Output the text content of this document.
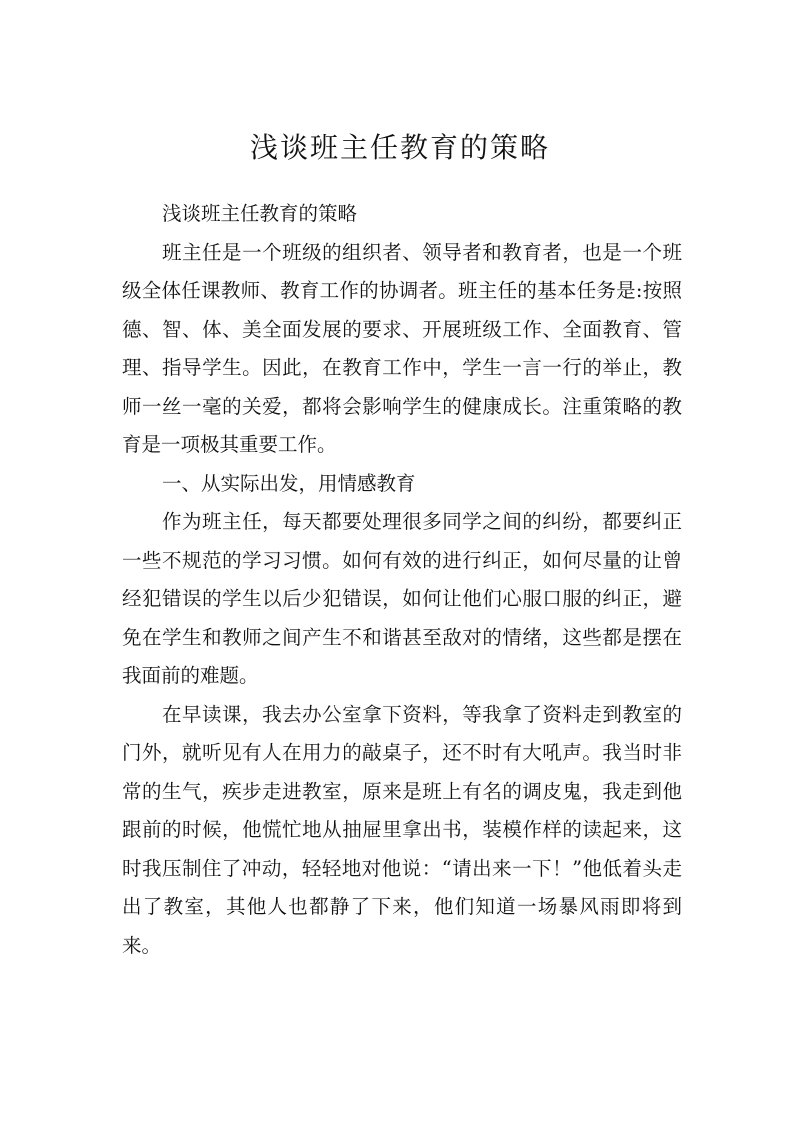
浅谈班主任教育的策略

浅谈班主任教育的策略

班主任是一个班级的组织者、领导者和教育者，也是一个班级全体任课教师、教育工作的协调者。班主任的基本任务是:按照德、智、体、美全面发展的要求、开展班级工作、全面教育、管理、指导学生。因此，在教育工作中，学生一言一行的举止，教师一丝一毫的关爱，都将会影响学生的健康成长。注重策略的教育是一项极其重要工作。

一、从实际出发，用情感教育

作为班主任，每天都要处理很多同学之间的纠纷，都要纠正一些不规范的学习习惯。如何有效的进行纠正，如何尽量的让曾经犯错误的学生以后少犯错误，如何让他们心服口服的纠正，避免在学生和教师之间产生不和谐甚至敌对的情绪，这些都是摆在我面前的难题。

在早读课，我去办公室拿下资料，等我拿了资料走到教室的门外，就听见有人在用力的敲桌子，还不时有大吼声。我当时非常的生气，疾步走进教室，原来是班上有名的调皮鬼，我走到他跟前的时候，他慌忙地从抽屉里拿出书，装模作样的读起来，这时我压制住了冲动，轻轻地对他说：“请出来一下！”他低着头走出了教室，其他人也都静了下来，他们知道一场暴风雨即将到来。
